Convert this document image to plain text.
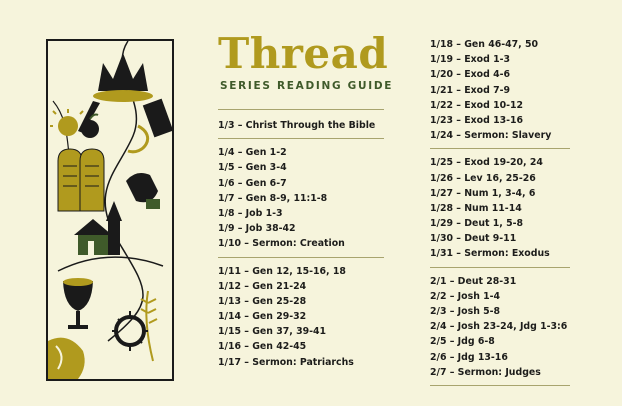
Thread
SERIES READING GUIDE
1/3 – Christ Through the Bible
1/4 – Gen 1-2
1/5 – Gen 3-4
1/6 – Gen 6-7
1/7 – Gen 8-9, 11:1-8
1/8 – Job 1-3
1/9 – Job 38-42
1/10 – Sermon: Creation
1/11 – Gen 12, 15-16, 18
1/12 – Gen 21-24
1/13 – Gen 25-28
1/14 – Gen 29-32
1/15 – Gen 37, 39-41
1/16 – Gen 42-45
1/17 – Sermon: Patriarchs
1/18 – Gen 46-47, 50
1/19 – Exod 1-3
1/20 – Exod 4-6
1/21 – Exod 7-9
1/22 – Exod 10-12
1/23 – Exod 13-16
1/24 – Sermon: Slavery
1/25 – Exod 19-20, 24
1/26 – Lev 16, 25-26
1/27 – Num 1, 3-4, 6
1/28 – Num 11-14
1/29 – Deut 1, 5-8
1/30 – Deut 9-11
1/31 – Sermon: Exodus
2/1 – Deut 28-31
2/2 – Josh 1-4
2/3 – Josh 5-8
2/4 – Josh 23-24, Jdg 1-3:6
2/5 – Jdg 6-8
2/6 – Jdg 13-16
2/7 – Sermon: Judges
